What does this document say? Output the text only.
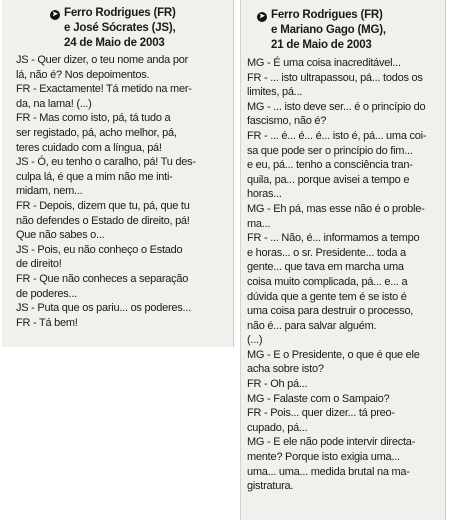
➤ Ferro Rodrigues (FR)
e José Sócrates (JS),
24 de Maio de 2003
JS - Quer dizer, o teu nome anda por
lá, não é? Nos depoimentos.
FR - Exactamente! Tá metido na mer-
da, na lama! (...)
FR - Mas como isto, pá, tá tudo a
ser registado, pá, acho melhor, pá,
teres cuidado com a língua, pá!
JS - Ó, eu tenho o caralho, pá! Tu des-
culpa lá, é que a mim não me inti-
midam, nem...
FR - Depois, dizem que tu, pá, que tu
não defendes o Estado de direito, pá!
Que não sabes o...
JS - Pois, eu não conheço o Estado
de direito!
FR - Que não conheces a separação
de poderes...
JS - Puta que os pariu... os poderes...
FR - Tá bem!
➤ Ferro Rodrigues (FR)
e Mariano Gago (MG),
21 de Maio de 2003
MG - É uma coisa inacreditável...
FR - ... isto ultrapassou, pá... todos os
limites, pá...
MG - ... isto deve ser... é o princípio do
fascismo, não é?
FR - ... é... é... é... isto é, pá... uma coi-
sa que pode ser o princípio do fim...
e eu, pá... tenho a consciência tran-
quila, pa... porque avisei a tempo e
horas...
MG - Eh pá, mas esse não é o proble-
ma...
FR - ... Não, é... informamos a tempo
e horas... o sr. Presidente... toda a
gente... que tava em marcha uma
coisa muito complicada, pá... e... a
dúvida que a gente tem é se isto é
uma coisa para destruir o processo,
não é... para salvar alguém.
(...)
MG - E o Presidente, o que é que ele
acha sobre isto?
FR - Oh pá...
MG - Falaste com o Sampaio?
FR - Pois... quer dizer... tá preo-
cupado, pá...
MG - E ele não pode intervir directa-
mente? Porque isto exigia uma...
uma... uma... medida brutal na ma-
gistratura.
